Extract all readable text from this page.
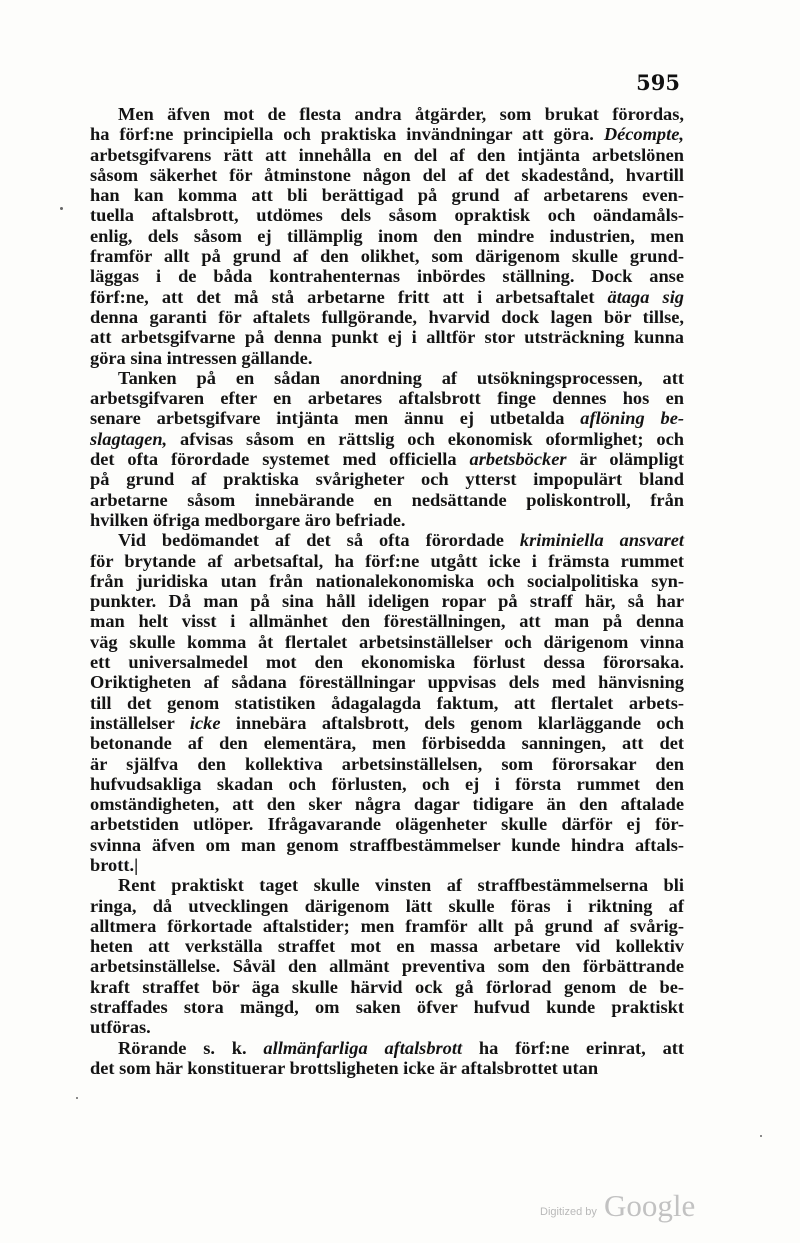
595
Men äfven mot de flesta andra åtgärder, som brukat förordas,
ha förf:ne principiella och praktiska invändningar att göra. Décompte,
arbetsgifvarens rätt att innehålla en del af den intjänta arbetslönen
såsom säkerhet för åtminstone någon del af det skadestånd, hvartill
han kan komma att bli berättigad på grund af arbetarens even-
tuella aftalsbrott, utdömes dels såsom opraktisk och oändamåls-
enlig, dels såsom ej tillämplig inom den mindre industrien, men
framför allt på grund af den olikhet, som därigenom skulle grund-
läggas i de båda kontrahenternas inbördes ställning. Dock anse
förf:ne, att det må stå arbetarne fritt att i arbetsaftalet ätaga sig
denna garanti för aftalets fullgörande, hvarvid dock lagen bör tillse,
att arbetsgifvarne på denna punkt ej i alltför stor utsträckning kunna
göra sina intressen gällande.
Tanken på en sådan anordning af utsökningsprocessen, att
arbetsgifvaren efter en arbetares aftalsbrott finge dennes hos en
senare arbetsgifvare intjänta men ännu ej utbetalda aflöning be-
slagtagen, afvisas såsom en rättslig och ekonomisk oformlighet; och
det ofta förordade systemet med officiella arbetsböcker är olämpligt
på grund af praktiska svårigheter och ytterst impopulärt bland
arbetarne såsom innebärande en nedsättande poliskontroll, från
hvilken öfriga medborgare äro befriade.
Vid bedömandet af det så ofta förordade kriminiella ansvaret
för brytande af arbetsaftal, ha förf:ne utgått icke i främsta rummet
från juridiska utan från nationalekonomiska och socialpolitiska syn-
punkter. Då man på sina håll ideligen ropar på straff här, så har
man helt visst i allmänhet den föreställningen, att man på denna
väg skulle komma åt flertalet arbetsinställelser och därigenom vinna
ett universalmedel mot den ekonomiska förlust dessa förorsaka.
Oriktigheten af sådana föreställningar uppvisas dels med hänvisning
till det genom statistiken ådagalagda faktum, att flertalet arbets-
inställelser icke innebära aftalsbrott, dels genom klarläggande och
betonande af den elementära, men förbisedda sanningen, att det
är själfva den kollektiva arbetsinställelsen, som förorsakar den
hufvudsakliga skadan och förlusten, och ej i första rummet den
omständigheten, att den sker några dagar tidigare än den aftalade
arbetstiden utlöper. Ifrågavarande olägenheter skulle därför ej för-
svinna äfven om man genom straffbestämmelser kunde hindra aftals-
brott.|
Rent praktiskt taget skulle vinsten af straffbestämmelserna bli
ringa, då utvecklingen därigenom lätt skulle föras i riktning af
alltmera förkortade aftalstider; men framför allt på grund af svårig-
heten att verkställa straffet mot en massa arbetare vid kollektiv
arbetsinställelse. Såväl den allmänt preventiva som den förbättrande
kraft straffet bör äga skulle härvid ock gå förlorad genom de be-
straffades stora mängd, om saken öfver hufvud kunde praktiskt
utföras.
Rörande s. k. allmänfarliga aftalsbrott ha förf:ne erinrat, att
det som här konstituerar brottsligheten icke är aftalsbrottet utan
Digitized by Google
